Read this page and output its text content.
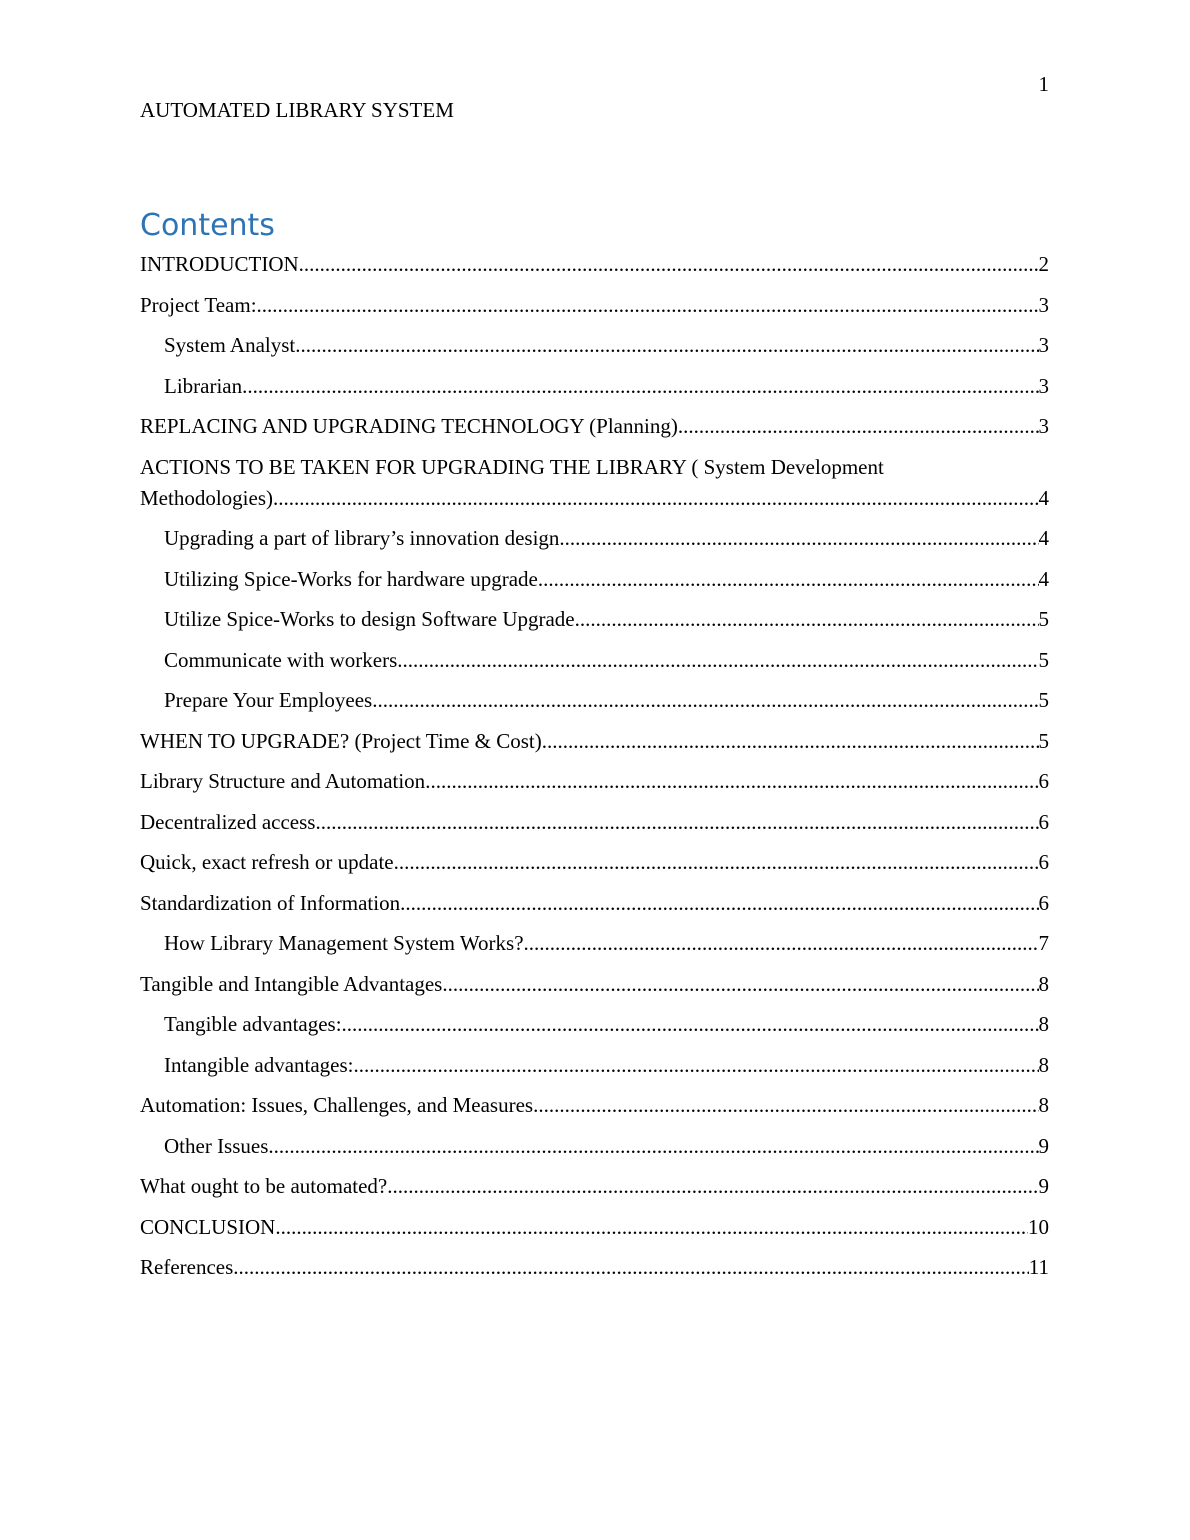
1
AUTOMATED LIBRARY SYSTEM
Contents
INTRODUCTION .....	2
Project Team: .....	3
System Analyst .....	3
Librarian .....	3
REPLACING AND UPGRADING TECHNOLOGY (Planning) .....	3
ACTIONS TO BE TAKEN FOR UPGRADING THE LIBRARY ( System Development
Methodologies) .....	4
Upgrading a part of library’s innovation design .....	4
Utilizing Spice-Works for hardware upgrade .....	4
Utilize Spice-Works to design Software Upgrade .....	5
Communicate with workers .....	5
Prepare Your Employees .....	5
WHEN TO UPGRADE? (Project Time & Cost) .....	5
Library Structure and Automation .....	6
Decentralized access .....	6
Quick, exact refresh or update .....	6
Standardization of Information .....	6
How Library Management System Works? .....	7
Tangible and Intangible Advantages .....	8
Tangible advantages: .....	8
Intangible advantages: .....	8
Automation: Issues, Challenges, and Measures .....	8
Other Issues .....	9
What ought to be automated? .....	9
CONCLUSION .....	10
References .....	11
